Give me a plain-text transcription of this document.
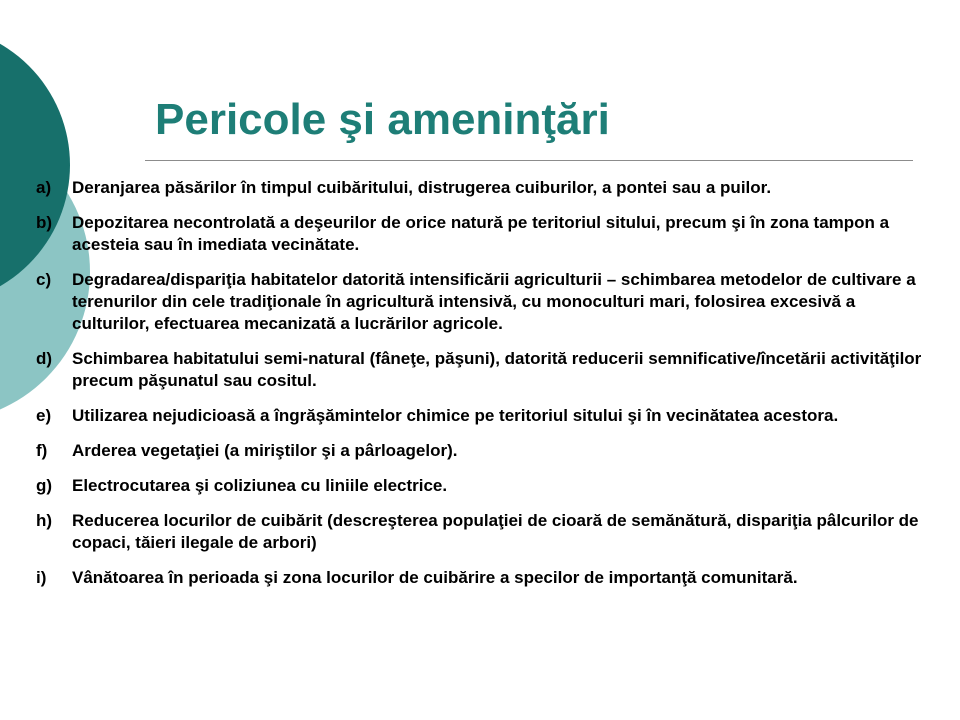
Pericole şi ameninţări
a)	Deranjarea păsărilor în timpul cuibăritului, distrugerea cuiburilor, a pontei sau a puilor.
b)	Depozitarea necontrolată a deşeurilor de orice natură pe teritoriul sitului, precum şi în zona tampon a acesteia sau în imediata vecinătate.
c)	Degradarea/dispariţia habitatelor datorită intensificării agriculturii – schimbarea metodelor de cultivare a terenurilor din cele tradiţionale în agricultură intensivă, cu monoculturi mari, folosirea excesivă a culturilor, efectuarea mecanizată a lucrărilor agricole.
d)	Schimbarea habitatului semi-natural (fâneţe, păşuni), datorită reducerii semnificative/încetării activităţilor precum păşunatul sau cositul.
e)	Utilizarea nejudicioasă a îngrăşămintelor chimice pe teritoriul sitului şi în vecinătatea acestora.
f)	Arderea vegetaţiei (a miriştilor şi a pârloagelor).
g)	Electrocutarea şi coliziunea cu liniile electrice.
h)	Reducerea locurilor de cuibărit (descreşterea populaţiei de cioară de semănătură, dispariţia pâlcurilor de copaci, tăieri ilegale de arbori)
i)	Vânătoarea în perioada şi zona locurilor de cuibărire a specilor de importanţă comunitară.
